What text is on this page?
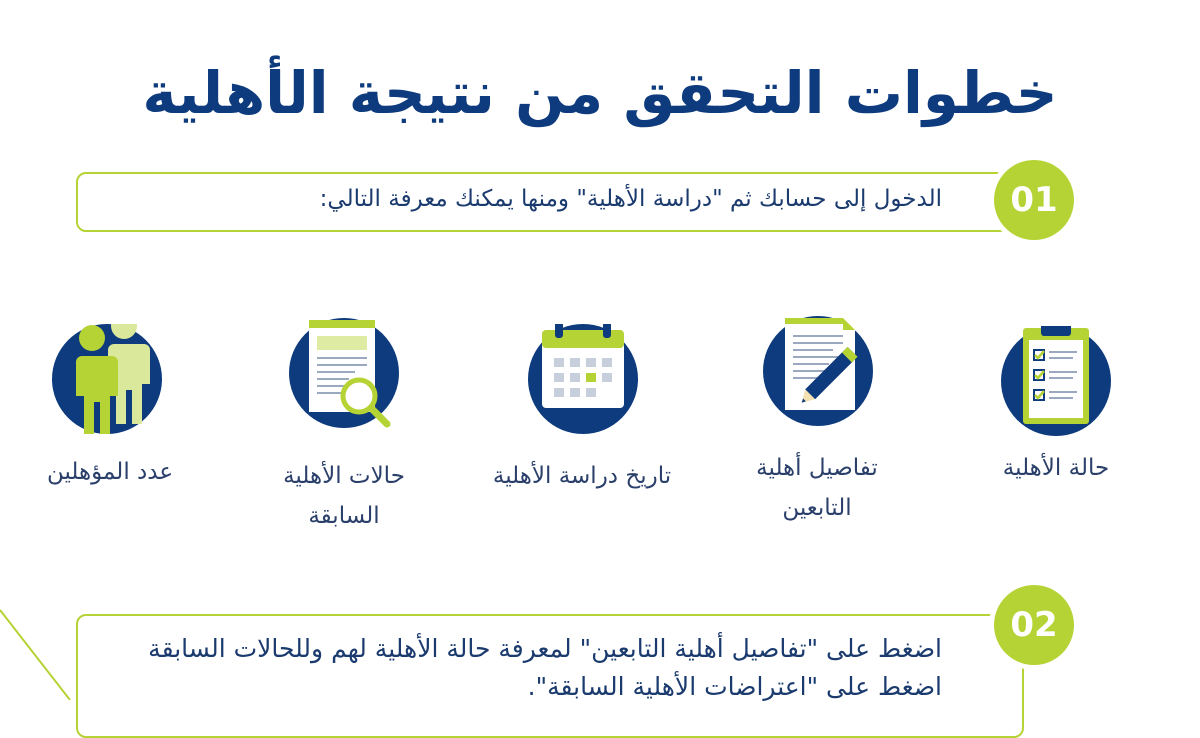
خطوات التحقق من نتيجة الأهلية
الدخول إلى حسابك ثم "دراسة الأهلية" ومنها يمكنك معرفة التالي:	01
حالة الأهلية
تفاصيل أهلية التابعين
تاريخ دراسة الأهلية
حالات الأهلية السابقة
عدد المؤهلين
اضغط على "تفاصيل أهلية التابعين" لمعرفة حالة الأهلية لهم وللحالات السابقة اضغط على "اعتراضات الأهلية السابقة".
02
